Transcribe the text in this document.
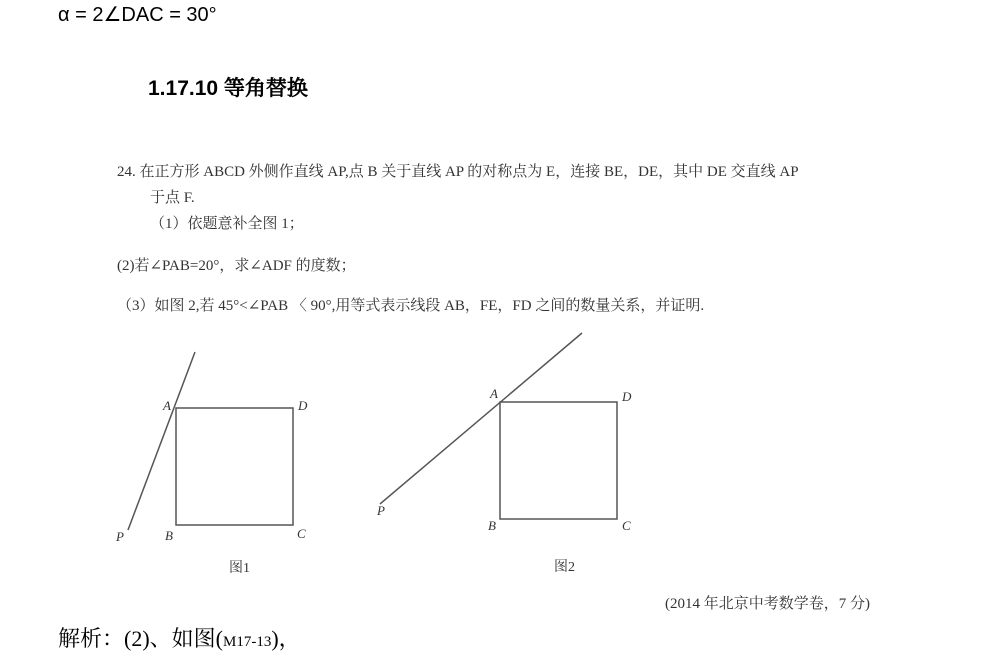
α = 2∠DAC = 30°
1.17.10 等角替换
24. 在正方形 ABCD 外侧作直线 AP,点 B 关于直线 AP 的对称点为 E，连接 BE，DE，其中 DE 交直线 AP
于点 F.
（1）依题意补全图 1；
(2)若∠PAB=20°，求∠ADF 的度数；
（3）如图 2,若 45°<∠PAB 〈 90°,用等式表示线段 AB，FE，FD 之间的数量关系，并证明.
A	D
B	C
P
A	D
B	C
P
图1	图2
(2014 年北京中考数学卷，7 分)
解析：(2)、如图(M17-13)，
